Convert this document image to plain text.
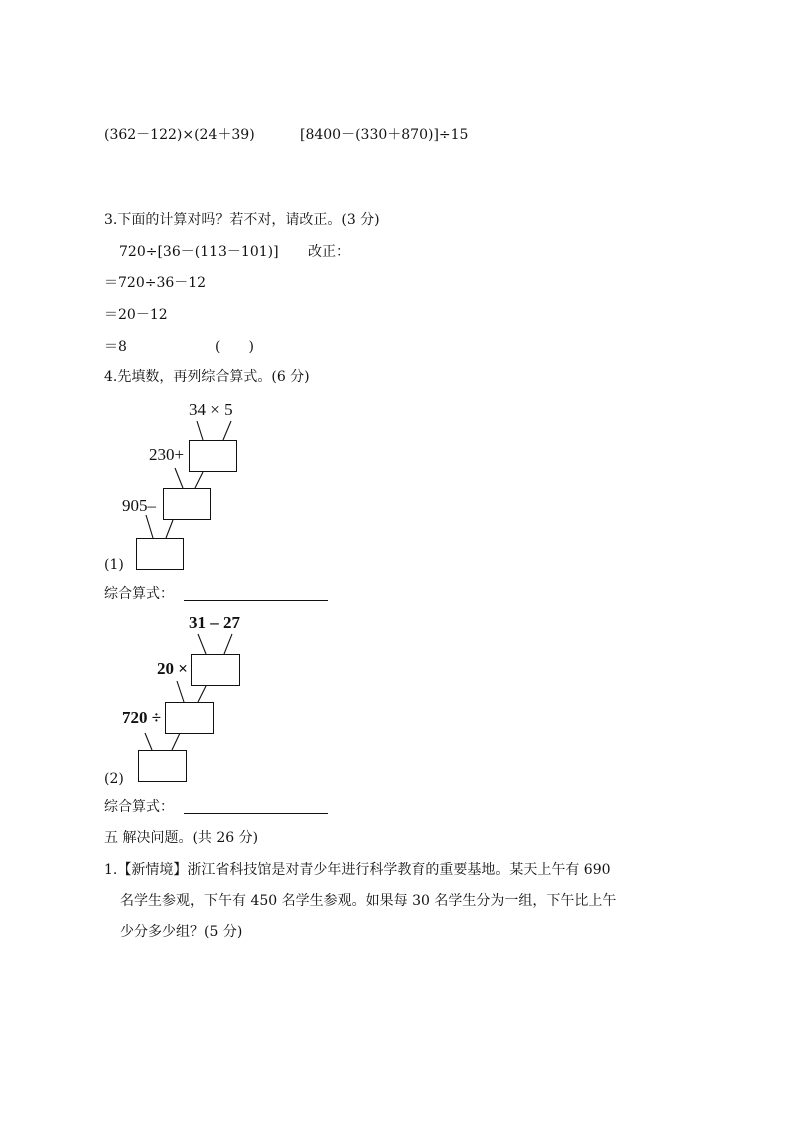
(362－122)×(24＋39)	[8400－(330＋870)]÷15
3.下面的计算对吗？若不对，请改正。(3 分)
720÷[36－(113－101)] 改正：
＝720÷36－12
＝20－12
＝8	(　　)
4.先填数，再列综合算式。(6 分)
34 × 5
230+
905–
(1)
综合算式：
31 – 27
20 ×
720 ÷
(2)
综合算式：
五 解决问题。(共 26 分)
1.【新情境】浙江省科技馆是对青少年进行科学教育的重要基地。某天上午有 690
名学生参观，下午有 450 名学生参观。如果每 30 名学生分为一组，下午比上午
少分多少组？(5 分)
